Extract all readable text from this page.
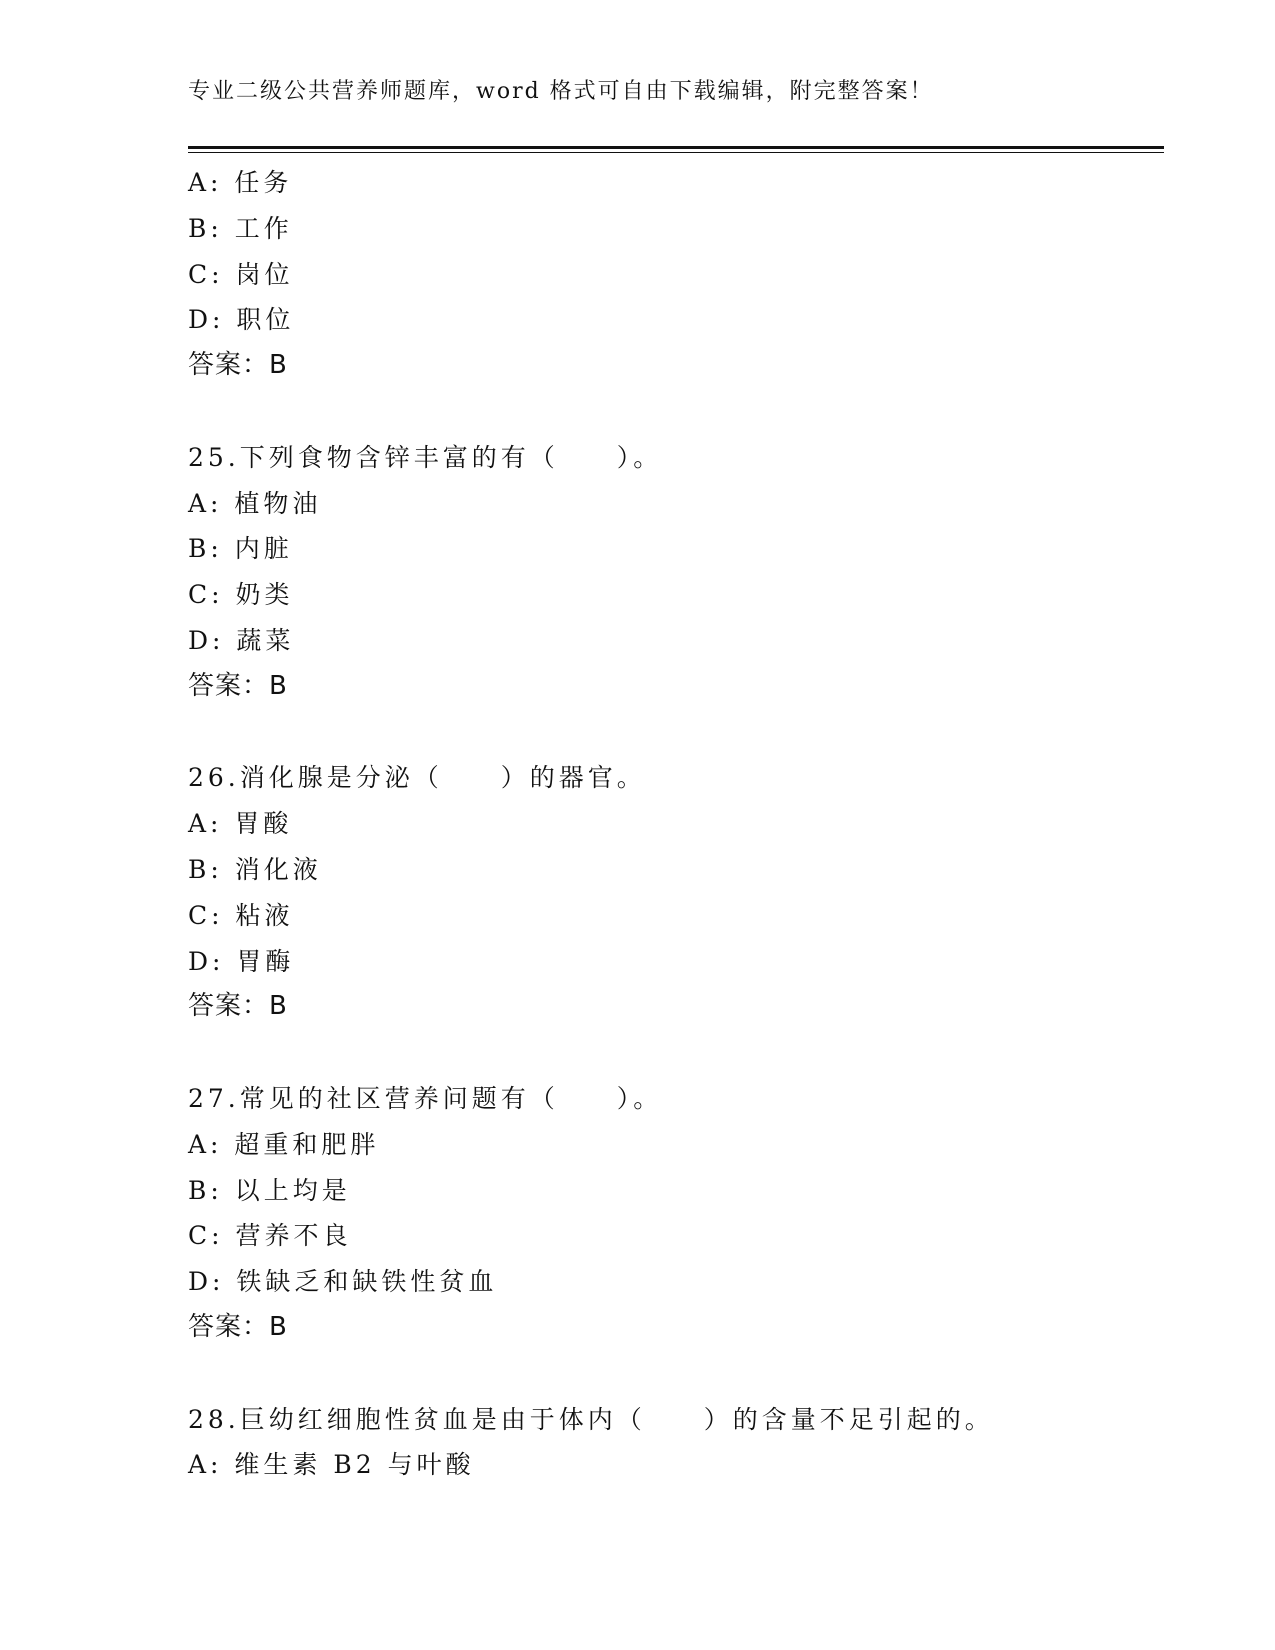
专业二级公共营养师题库，word 格式可自由下载编辑，附完整答案！
A: 任务
B: 工作
C: 岗位
D: 职位
答案：B
25.下列食物含锌丰富的有（　　）。
A: 植物油
B: 内脏
C: 奶类
D: 蔬菜
答案：B
26.消化腺是分泌（　　）的器官。
A: 胃酸
B: 消化液
C: 粘液
D: 胃酶
答案：B
27.常见的社区营养问题有（　　）。
A: 超重和肥胖
B: 以上均是
C: 营养不良
D: 铁缺乏和缺铁性贫血
答案：B
28.巨幼红细胞性贫血是由于体内（　　）的含量不足引起的。
A: 维生素 B2 与叶酸
